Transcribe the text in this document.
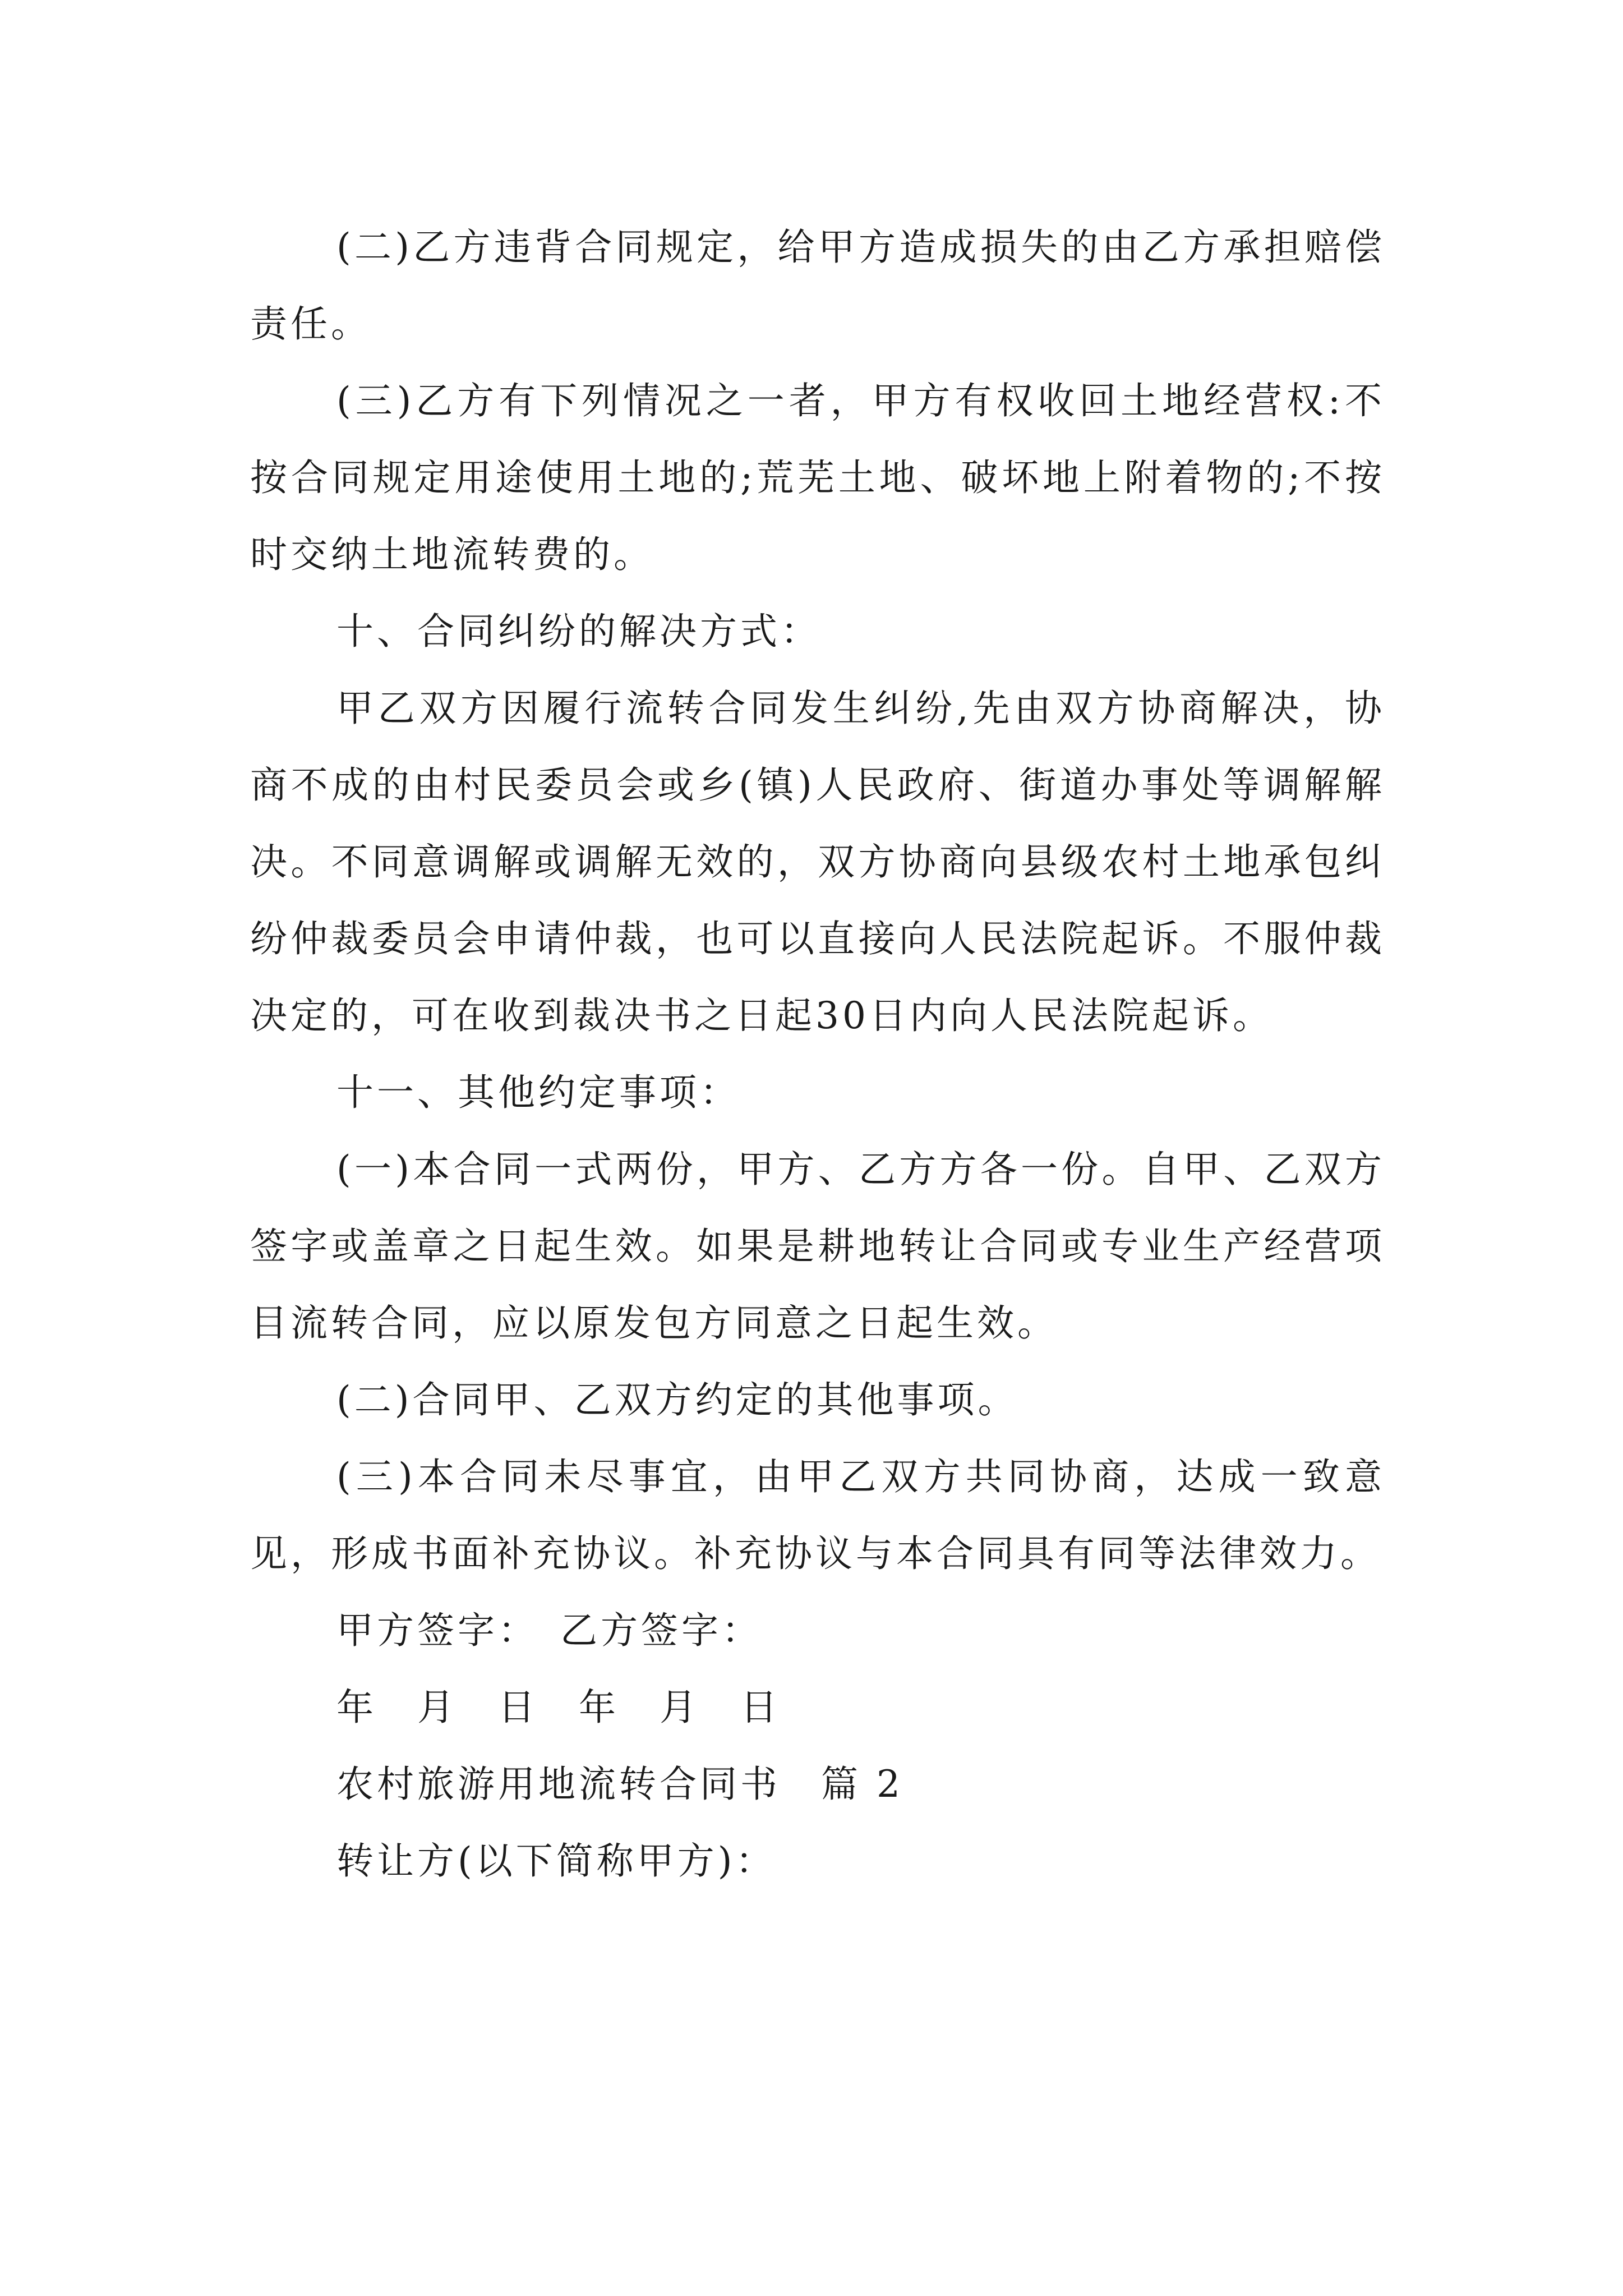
(二)乙方违背合同规定，给甲方造成损失的由乙方承担赔偿责任。

(三)乙方有下列情况之一者，甲方有权收回土地经营权:不按合同规定用途使用土地的;荒芜土地、破坏地上附着物的;不按时交纳土地流转费的。

十、合同纠纷的解决方式：

甲乙双方因履行流转合同发生纠纷,先由双方协商解决，协商不成的由村民委员会或乡(镇)人民政府、街道办事处等调解解决。不同意调解或调解无效的，双方协商向县级农村土地承包纠纷仲裁委员会申请仲裁，也可以直接向人民法院起诉。不服仲裁决定的，可在收到裁决书之日起30日内向人民法院起诉。

十一、其他约定事项：

(一)本合同一式两份，甲方、乙方方各一份。自甲、乙双方签字或盖章之日起生效。如果是耕地转让合同或专业生产经营项目流转合同，应以原发包方同意之日起生效。

(二)合同甲、乙双方约定的其他事项。

(三)本合同未尽事宜，由甲乙双方共同协商，达成一致意见，形成书面补充协议。补充协议与本合同具有同等法律效力。

甲方签字：　乙方签字：

年　月　日　年　月　日

农村旅游用地流转合同书　篇 2

转让方(以下简称甲方)：
